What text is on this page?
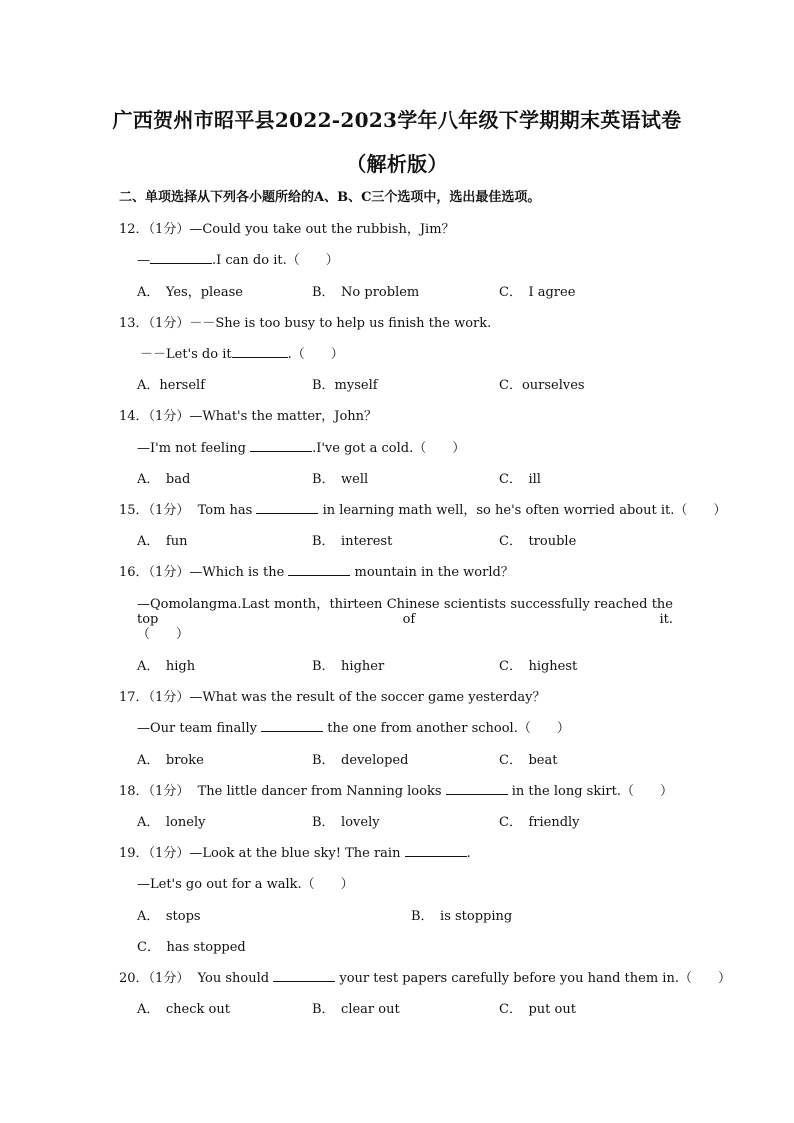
广西贺州市昭平县2022-2023学年八年级下学期期末英语试卷
（解析版）
二、单项选择从下列各小题所给的A、B、C三个选项中，选出最佳选项。
12．（1分）—Could you take out the rubbish，Jim？
—	.I can do it.（　　）
A．　Yes，please	B．　No problem	C．　I agree
13．（1分）－－She is too busy to help us finish the work.
－－Let's do it	.（　　）
A．herself	B．myself	C．ourselves
14．（1分）—What's the matter，John？
—I'm not feeling	.I've got a cold.（　　）
A．　bad	B．　well	C．　ill
15．（1分） Tom has	in learning math well，so he's often worried about it.（　　）
A．　fun	B．　interest	C．　trouble
16．（1分）—Which is the	mountain in the world？
—Qomolangma.Last month，thirteen Chinese scientists successfully reached the top of it.
（　　）
A．　high	B．　higher	C．　highest
17．（1分）—What was the result of the soccer game yesterday？
—Our team finally	the one from another school.（　　）
A．　broke	B．　developed	C．　beat
18．（1分） The little dancer from Nanning looks	in the long skirt.（　　）
A．　lonely	B．　lovely	C．　friendly
19．（1分）—Look at the blue sky! The rain	.
—Let's go out for a walk.（　　）
A．　stops	B．　is stopping
C．　has stopped
20．（1分） You should	your test papers carefully before you hand them in.（　　）
A．　check out	B．　clear out	C．　put out
